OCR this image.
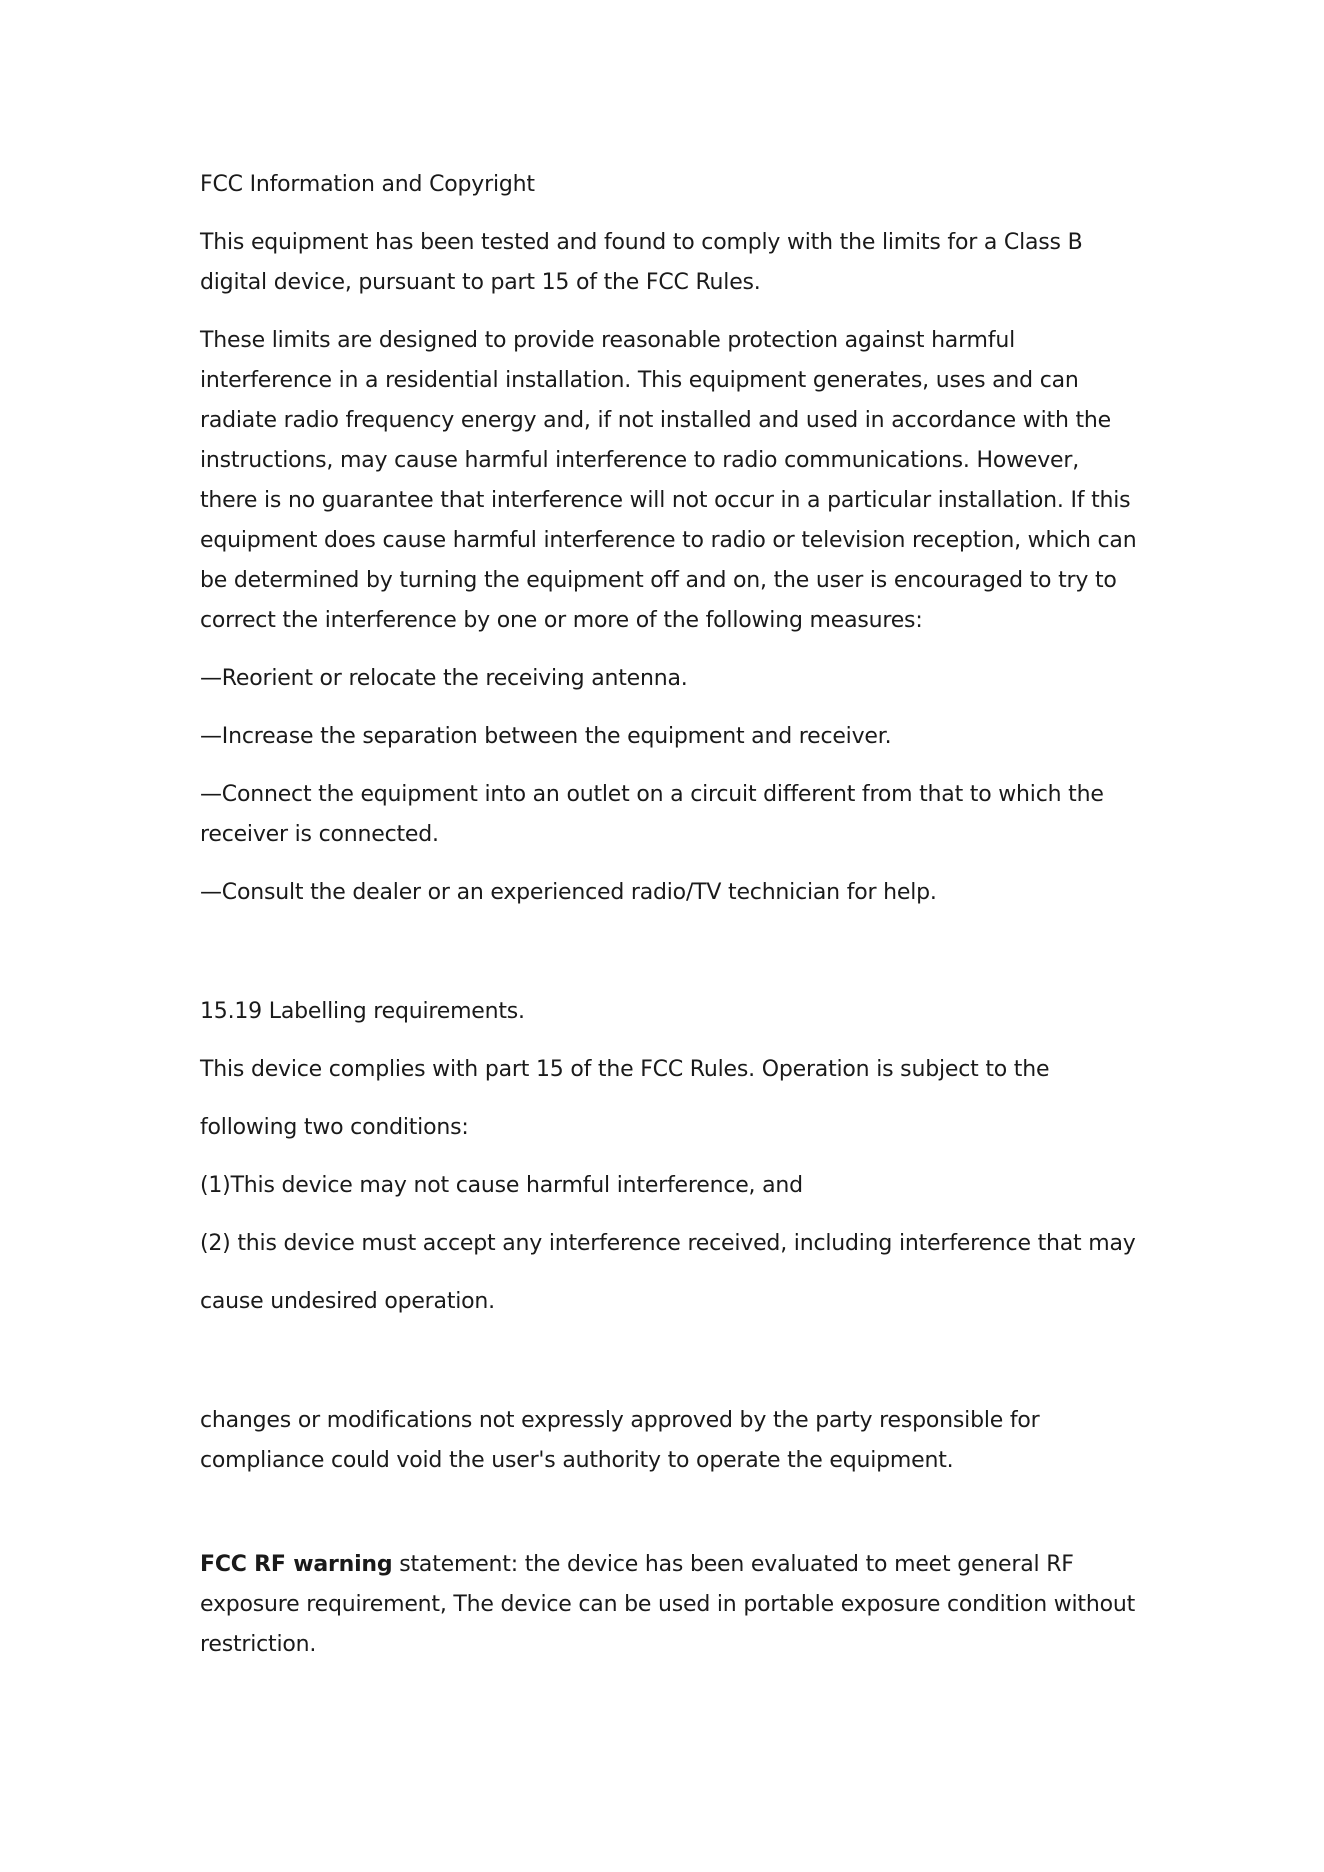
FCC Information and Copyright

This equipment has been tested and found to comply with the limits for a Class B digital device, pursuant to part 15 of the FCC Rules.

These limits are designed to provide reasonable protection against harmful interference in a residential installation. This equipment generates, uses and can radiate radio frequency energy and, if not installed and used in accordance with the instructions, may cause harmful interference to radio communications. However, there is no guarantee that interference will not occur in a particular installation. If this equipment does cause harmful interference to radio or television reception, which can be determined by turning the equipment off and on, the user is encouraged to try to correct the interference by one or more of the following measures:

—Reorient or relocate the receiving antenna.

—Increase the separation between the equipment and receiver.

—Connect the equipment into an outlet on a circuit different from that to which the receiver is connected.

—Consult the dealer or an experienced radio/TV technician for help.

15.19 Labelling requirements.

This device complies with part 15 of the FCC Rules. Operation is subject to the

following two conditions:

(1)This device may not cause harmful interference, and

(2) this device must accept any interference received, including interference that may

cause undesired operation.

changes or modifications not expressly approved by the party responsible for compliance could void the user's authority to operate the equipment.

FCC RF warning statement: the device has been evaluated to meet general RF exposure requirement, The device can be used in portable exposure condition without restriction.
